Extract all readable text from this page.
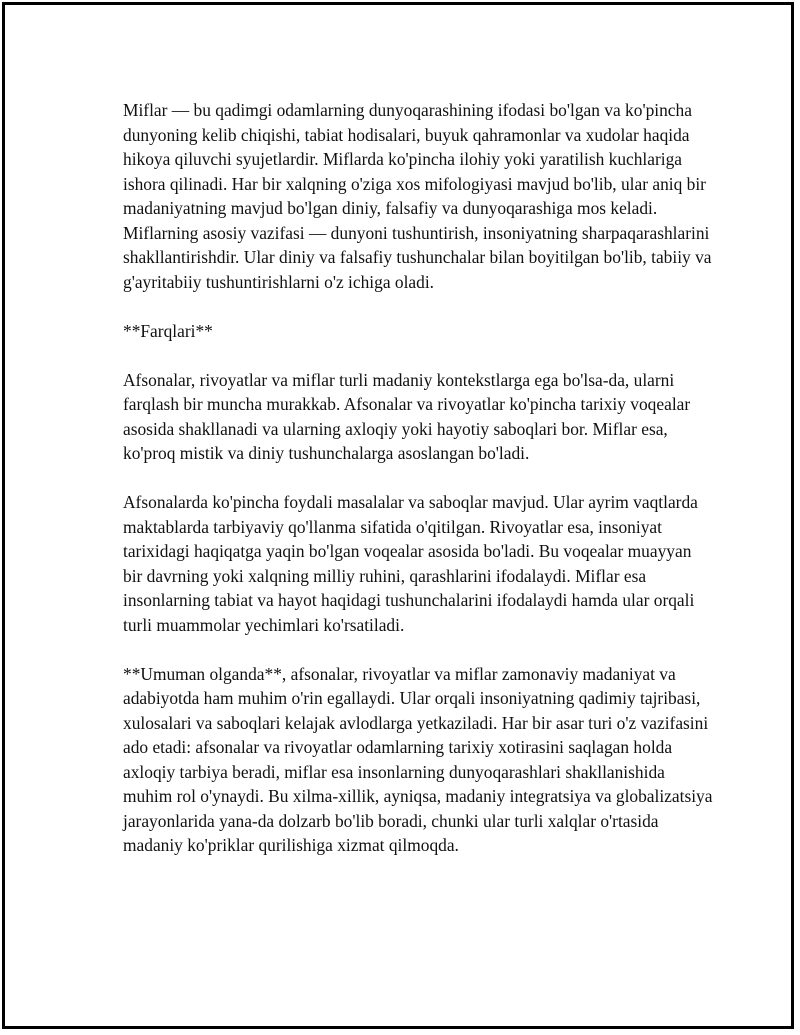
Miflar — bu qadimgi odamlarning dunyoqarashining ifodasi bo'lgan va ko'pincha dunyoning kelib chiqishi, tabiat hodisalari, buyuk qahramonlar va xudolar haqida hikoya qiluvchi syujetlardir. Miflarda ko'pincha ilohiy yoki yaratilish kuchlariga ishora qilinadi. Har bir xalqning o'ziga xos mifologiyasi mavjud bo'lib, ular aniq bir madaniyatning mavjud bo'lgan diniy, falsafiy va dunyoqarashiga mos keladi. Miflarning asosiy vazifasi — dunyoni tushuntirish, insoniyatning sharpaqarashlarini shakllantirishdir. Ular diniy va falsafiy tushunchalar bilan boyitilgan bo'lib, tabiiy va g'ayritabiiy tushuntirishlarni o'z ichiga oladi.

**Farqlari**

Afsonalar, rivoyatlar va miflar turli madaniy kontekstlarga ega bo'lsa-da, ularni farqlash bir muncha murakkab. Afsonalar va rivoyatlar ko'pincha tarixiy voqealar asosida shakllanadi va ularning axloqiy yoki hayotiy saboqlari bor. Miflar esa, ko'proq mistik va diniy tushunchalarga asoslangan bo'ladi.

Afsonalarda ko'pincha foydali masalalar va saboqlar mavjud. Ular ayrim vaqtlarda maktablarda tarbiyaviy qo'llanma sifatida o'qitilgan. Rivoyatlar esa, insoniyat tarixidagi haqiqatga yaqin bo'lgan voqealar asosida bo'ladi. Bu voqealar muayyan bir davrning yoki xalqning milliy ruhini, qarashlarini ifodalaydi. Miflar esa insonlarning tabiat va hayot haqidagi tushunchalarini ifodalaydi hamda ular orqali turli muammolar yechimlari ko'rsatiladi.

**Umuman olganda**, afsonalar, rivoyatlar va miflar zamonaviy madaniyat va adabiyotda ham muhim o'rin egallaydi. Ular orqali insoniyatning qadimiy tajribasi, xulosalari va saboqlari kelajak avlodlarga yetkaziladi. Har bir asar turi o'z vazifasini ado etadi: afsonalar va rivoyatlar odamlarning tarixiy xotirasini saqlagan holda axloqiy tarbiya beradi, miflar esa insonlarning dunyoqarashlari shakllanishida muhim rol o'ynaydi. Bu xilma-xillik, ayniqsa, madaniy integratsiya va globalizatsiya jarayonlarida yana-da dolzarb bo'lib boradi, chunki ular turli xalqlar o'rtasida madaniy ko'priklar qurilishiga xizmat qilmoqda.
